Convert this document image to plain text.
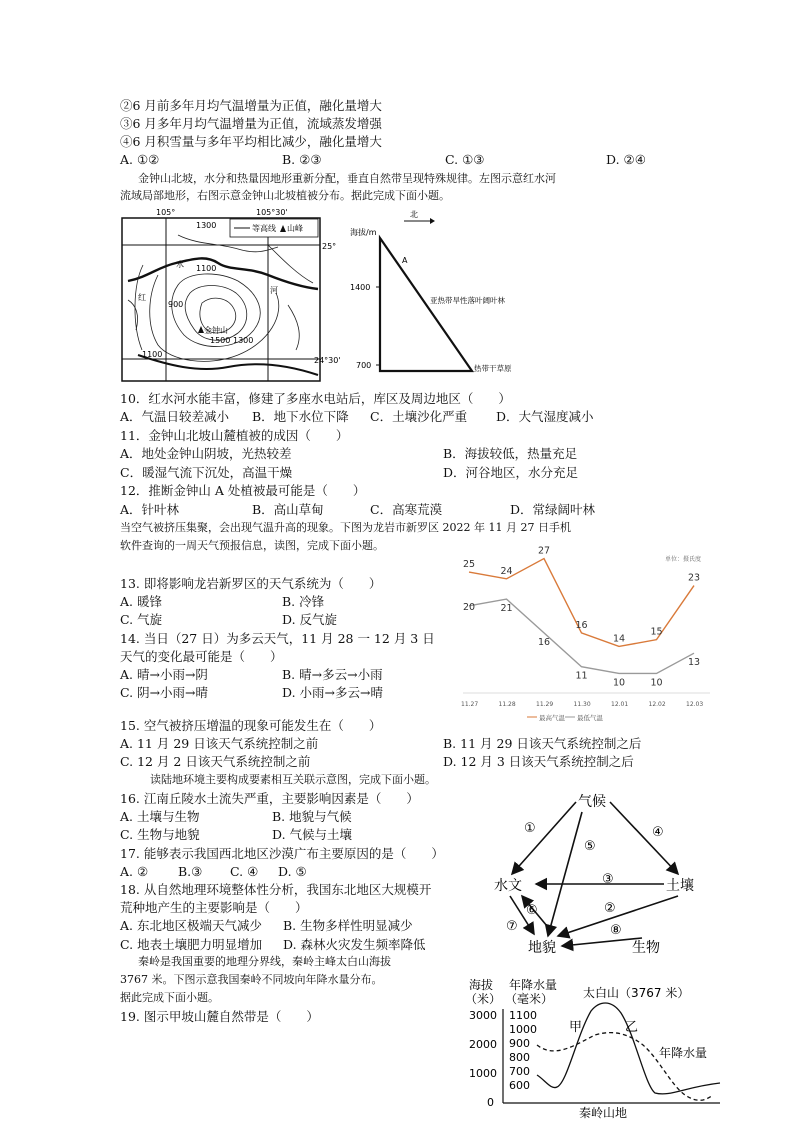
②6 月前多年月均气温增量为正值，融化量增大
③6 月多年月均气温增量为正值，流域蒸发增强
④6 月积雪量与多年平均相比减少，融化量增大
A. ①②	B. ②③	C. ①③	D. ②④
金钟山北坡，水分和热量因地形重新分配，垂直自然带呈现特殊规律。左图示意红水河
流域局部地形，右图示意金钟山北坡植被分布。据此完成下面小题。
105°	105°30'
等高线 山峰
25°
24°30'
红
水
河
1300
1100
900
1500 1300
1100
金钟山
北
海拔/m
1400
700
A
亚热带旱性落叶阔叶林
热带干草原
10．红水河水能丰富，修建了多座水电站后，库区及周边地区（　　）
A．气温日较差减小 B．地下水位下降 C．土壤沙化严重 D．大气湿度减小
11．金钟山北坡山麓植被的成因（　　）
A．地处金钟山阴坡，光热较差	B．海拔较低，热量充足
C．暖湿气流下沉处，高温干燥	D．河谷地区，水分充足
12．推断金钟山 A 处植被最可能是（　　）
A．针叶林	B．高山草甸	C．高寒荒漠	D．常绿阔叶林
当空气被挤压集聚，会出现气温升高的现象。下图为龙岩市新罗区 2022 年 11 月 27 日手机
软件查询的一周天气预报信息，读图，完成下面小题。
13. 即将影响龙岩新罗区的天气系统为（　　）
A. 暖锋	B. 冷锋
C. 气旋	D. 反气旋
14. 当日（27 日）为多云天气，11 月 28 一 12 月 3 日
天气的变化最可能是（　　）
A. 晴→小雨→阴	B. 晴→多云→小雨
C. 阴→小雨→晴	D. 小雨→多云→晴
单位：摄氏度
25
24
27
16
14
15
23
20	21
16
11
10	10
13
11.27	11.28	11.29	11.30	12.01	12.02	12.03
最高气温 最低气温
15. 空气被挤压增温的现象可能发生在（　　）
A. 11 月 29 日该天气系统控制之前	B. 11 月 29 日该天气系统控制之后
C. 12 月 2 日该天气系统控制之前	D. 12 月 3 日该天气系统控制之后
读陆地环境主要构成要素相互关联示意图，完成下面小题。
16. 江南丘陵水土流失严重，主要影响因素是（　　）
A. 土壤与生物	B. 地貌与气候
C. 生物与地貌	D. 气候与土壤
17. 能够表示我国西北地区沙漠广布主要原因的是（　　）
A. ② B.③ C. ④ D. ⑤
18. 从自然地理环境整体性分析，我国东北地区大规模开
荒种地产生的主要影响是（　　）
A. 东北地区极端天气减少 B. 生物多样性明显减少
C. 地表土壤肥力明显增加 D. 森林火灾发生频率降低
气候
水文	土壤
地貌	生物
①
②
③
④
⑤
⑥
⑦	⑧
秦岭是我国重要的地理分界线，秦岭主峰太白山海拔
3767 米。下图示意我国秦岭不同坡向年降水量分布。
据此完成下面小题。
19. 图示甲坡山麓自然带是（　　）
海拔
（米）
年降水量
（毫米） 太白山（3767 米）
3000
2000
1000
0
1100
1000
900
800
700
600
甲	乙
年降水量
秦岭山地
